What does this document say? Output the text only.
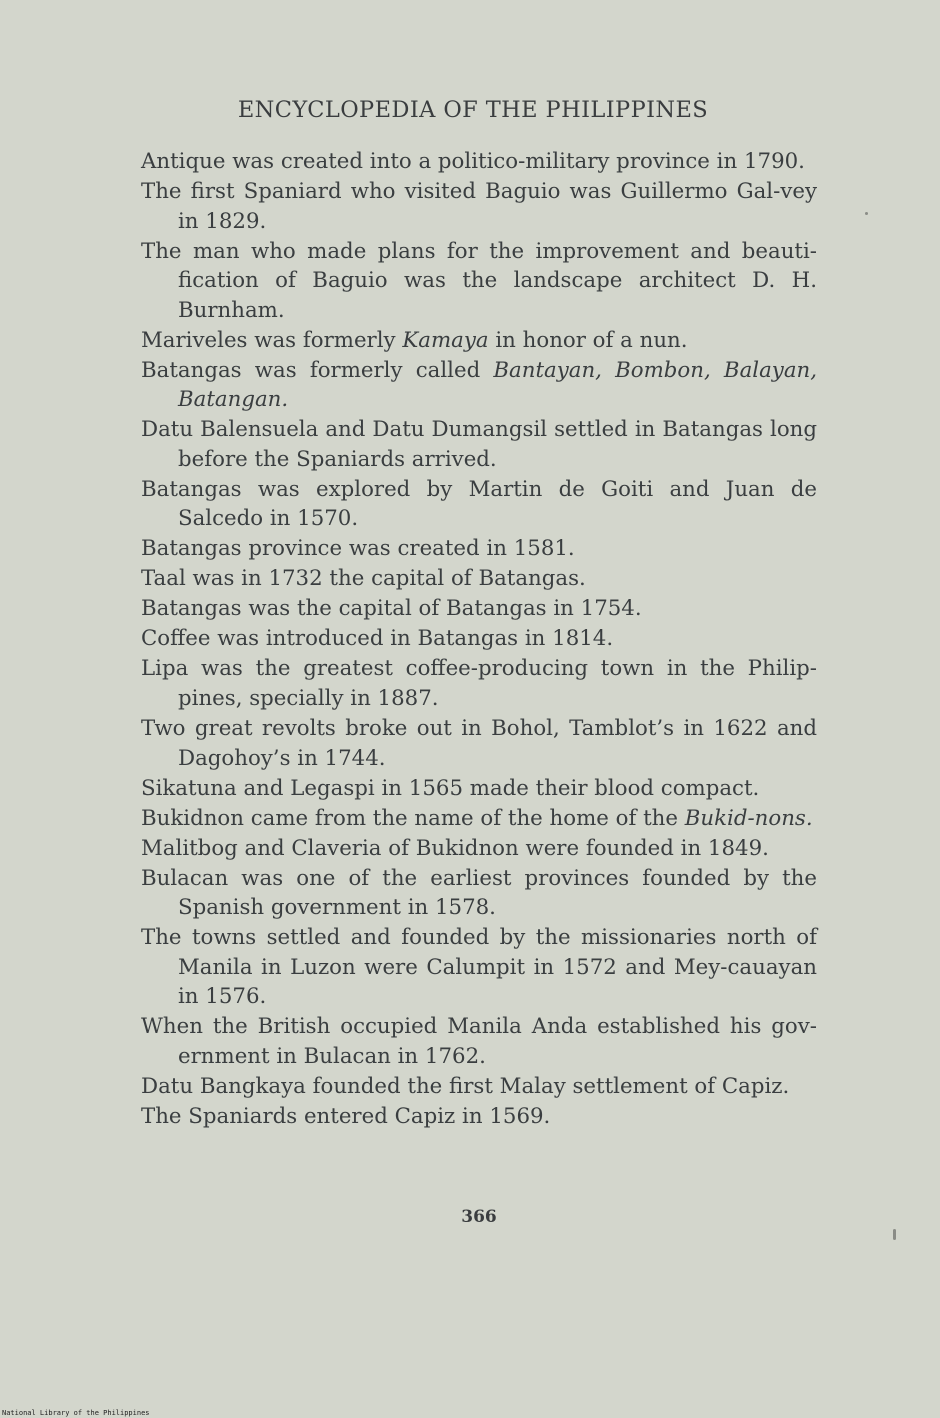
ENCYCLOPEDIA OF THE PHILIPPINES
Antique was created into a politico-military province in 1790.
The first Spaniard who visited Baguio was Guillermo Gal-vey in 1829.
The man who made plans for the improvement and beauti-fication of Baguio was the landscape architect D. H. Burnham.
Mariveles was formerly Kamaya in honor of a nun.
Batangas was formerly called Bantayan, Bombon, Balayan, Batangan.
Datu Balensuela and Datu Dumangsil settled in Batangas long before the Spaniards arrived.
Batangas was explored by Martin de Goiti and Juan de Salcedo in 1570.
Batangas province was created in 1581.
Taal was in 1732 the capital of Batangas.
Batangas was the capital of Batangas in 1754.
Coffee was introduced in Batangas in 1814.
Lipa was the greatest coffee-producing town in the Philip-pines, specially in 1887.
Two great revolts broke out in Bohol, Tamblot’s in 1622 and Dagohoy’s in 1744.
Sikatuna and Legaspi in 1565 made their blood compact.
Bukidnon came from the name of the home of the Bukid-nons.
Malitbog and Claveria of Bukidnon were founded in 1849.
Bulacan was one of the earliest provinces founded by the Spanish government in 1578.
The towns settled and founded by the missionaries north of Manila in Luzon were Calumpit in 1572 and Mey-cauayan in 1576.
When the British occupied Manila Anda established his gov-ernment in Bulacan in 1762.
Datu Bangkaya founded the first Malay settlement of Capiz.
The Spaniards entered Capiz in 1569.
366
National Library of the Philippines
